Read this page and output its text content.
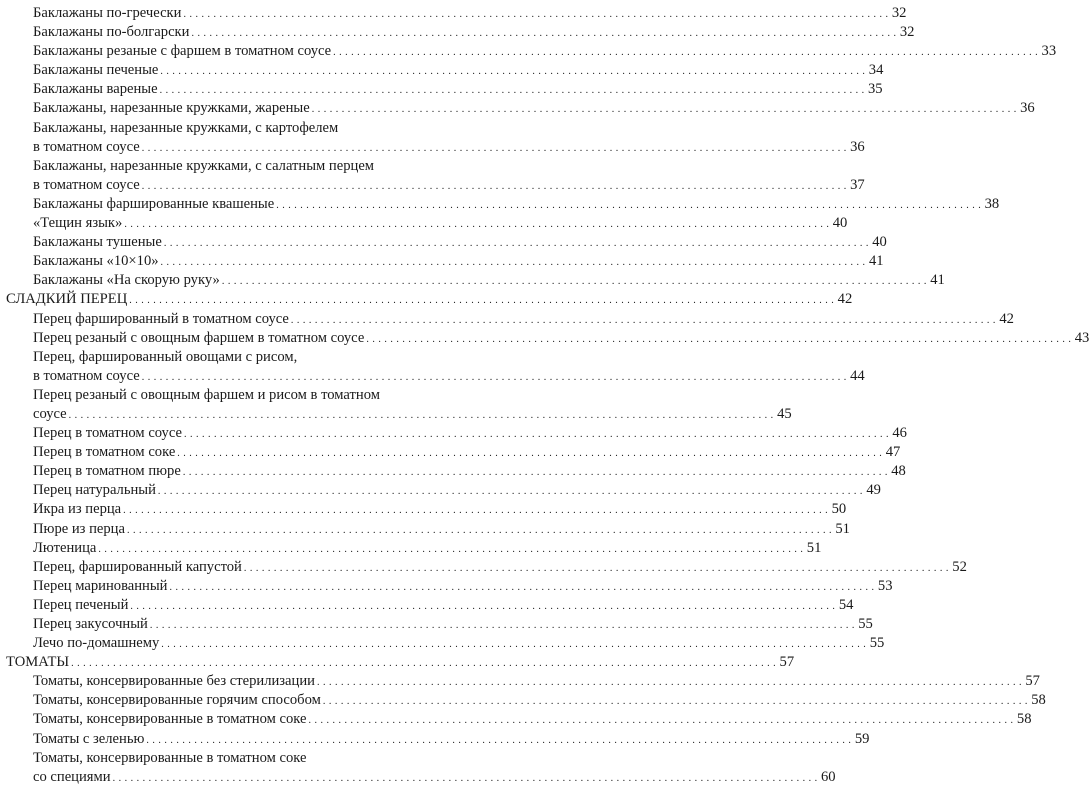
Баклажаны по-гречески . . .	32
Баклажаны по-болгарски . . .	32
Баклажаны резаные с фаршем в томатном соусе . . .	33
Баклажаны печеные . . .	34
Баклажаны вареные . . .	35
Баклажаны, нарезанные кружками, жареные . . .	36
Баклажаны, нарезанные кружками, с картофелем
в томатном соусе . . .	36
Баклажаны, нарезанные кружками, с салатным перцем
в томатном соусе . . .	37
Баклажаны фаршированные квашеные . . .	38
«Тещин язык» . . .	40
Баклажаны тушеные . . .	40
Баклажаны «10×10» . . .	41
Баклажаны «На скорую руку» . . .	41
СЛАДКИЙ ПЕРЕЦ . . .	42
Перец фаршированный в томатном соусе . . .	42
Перец резаный с овощным фаршем в томатном соусе . . .	43
Перец, фаршированный овощами с рисом,
в томатном соусе . . .	44
Перец резаный с овощным фаршем и рисом в томатном
соусе . . .	45
Перец в томатном соусе . . .	46
Перец в томатном соке . . .	47
Перец в томатном пюре . . .	48
Перец натуральный . . .	49
Икра из перца . . .	50
Пюре из перца . . .	51
Лютеница . . .	51
Перец, фаршированный капустой . . .	52
Перец маринованный . . .	53
Перец печеный . . .	54
Перец закусочный . . .	55
Лечо по-домашнему . . .	55
ТОМАТЫ . . .	57
Томаты, консервированные без стерилизации . . .	57
Томаты, консервированные горячим способом . . .	58
Томаты, консервированные в томатном соке . . .	58
Томаты с зеленью . . .	59
Томаты, консервированные в томатном соке
со специями . . .	60
